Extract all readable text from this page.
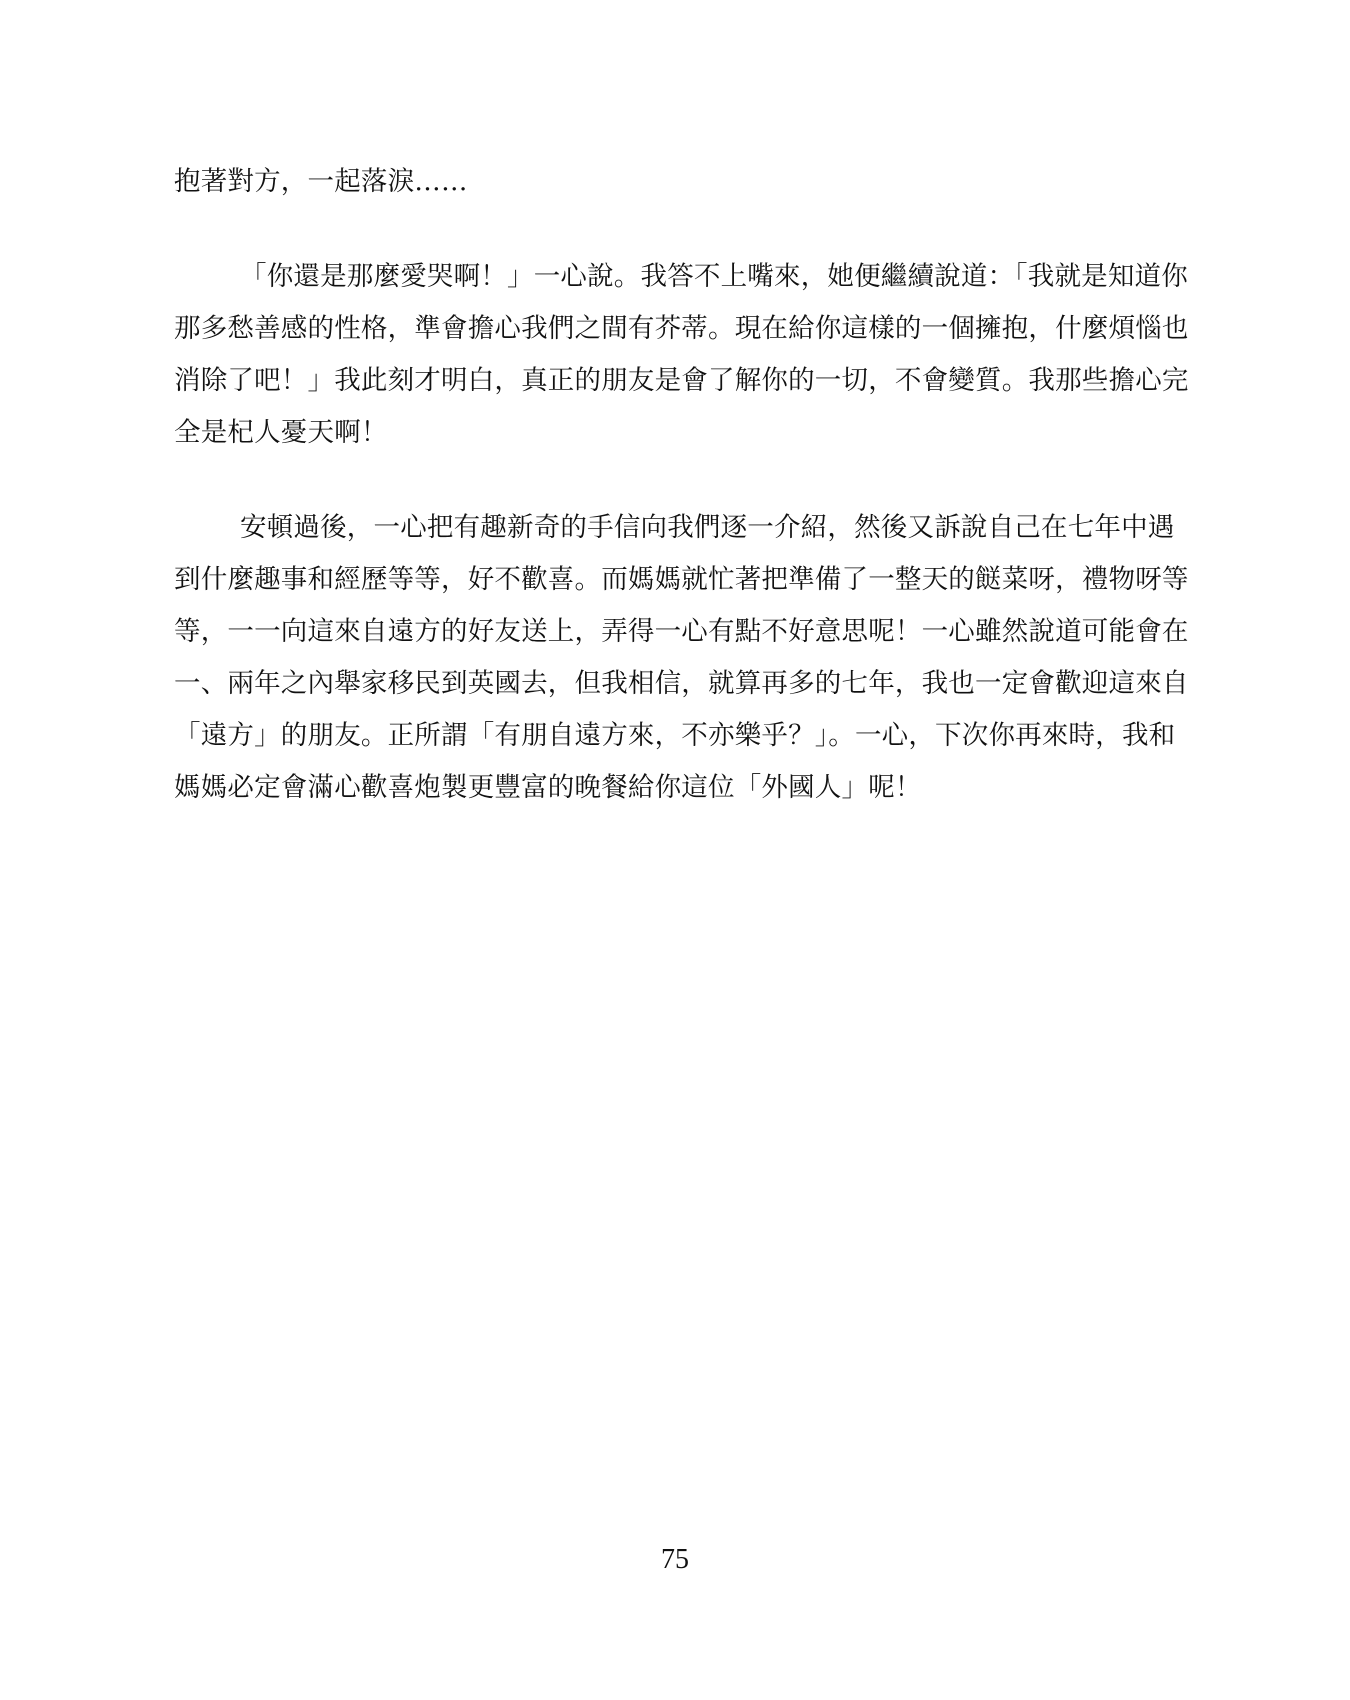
抱著對方，一起落淚……
「你還是那麼愛哭啊！」一心說。我答不上嘴來，她便繼續說道：「我就是知道你
那多愁善感的性格，準會擔心我們之間有芥蒂。現在給你這樣的一個擁抱，什麼煩惱也
消除了吧！」我此刻才明白，真正的朋友是會了解你的一切，不會變質。我那些擔心完
全是杞人憂天啊！
安頓過後，一心把有趣新奇的手信向我們逐一介紹，然後又訴說自己在七年中遇
到什麼趣事和經歷等等，好不歡喜。而媽媽就忙著把準備了一整天的餸菜呀，禮物呀等
等，一一向這來自遠方的好友送上，弄得一心有點不好意思呢！一心雖然說道可能會在
一、兩年之內舉家移民到英國去，但我相信，就算再多的七年，我也一定會歡迎這來自
「遠方」的朋友。正所謂「有朋自遠方來，不亦樂乎？」。一心，下次你再來時，我和
媽媽必定會滿心歡喜炮製更豐富的晚餐給你這位「外國人」呢！
75
